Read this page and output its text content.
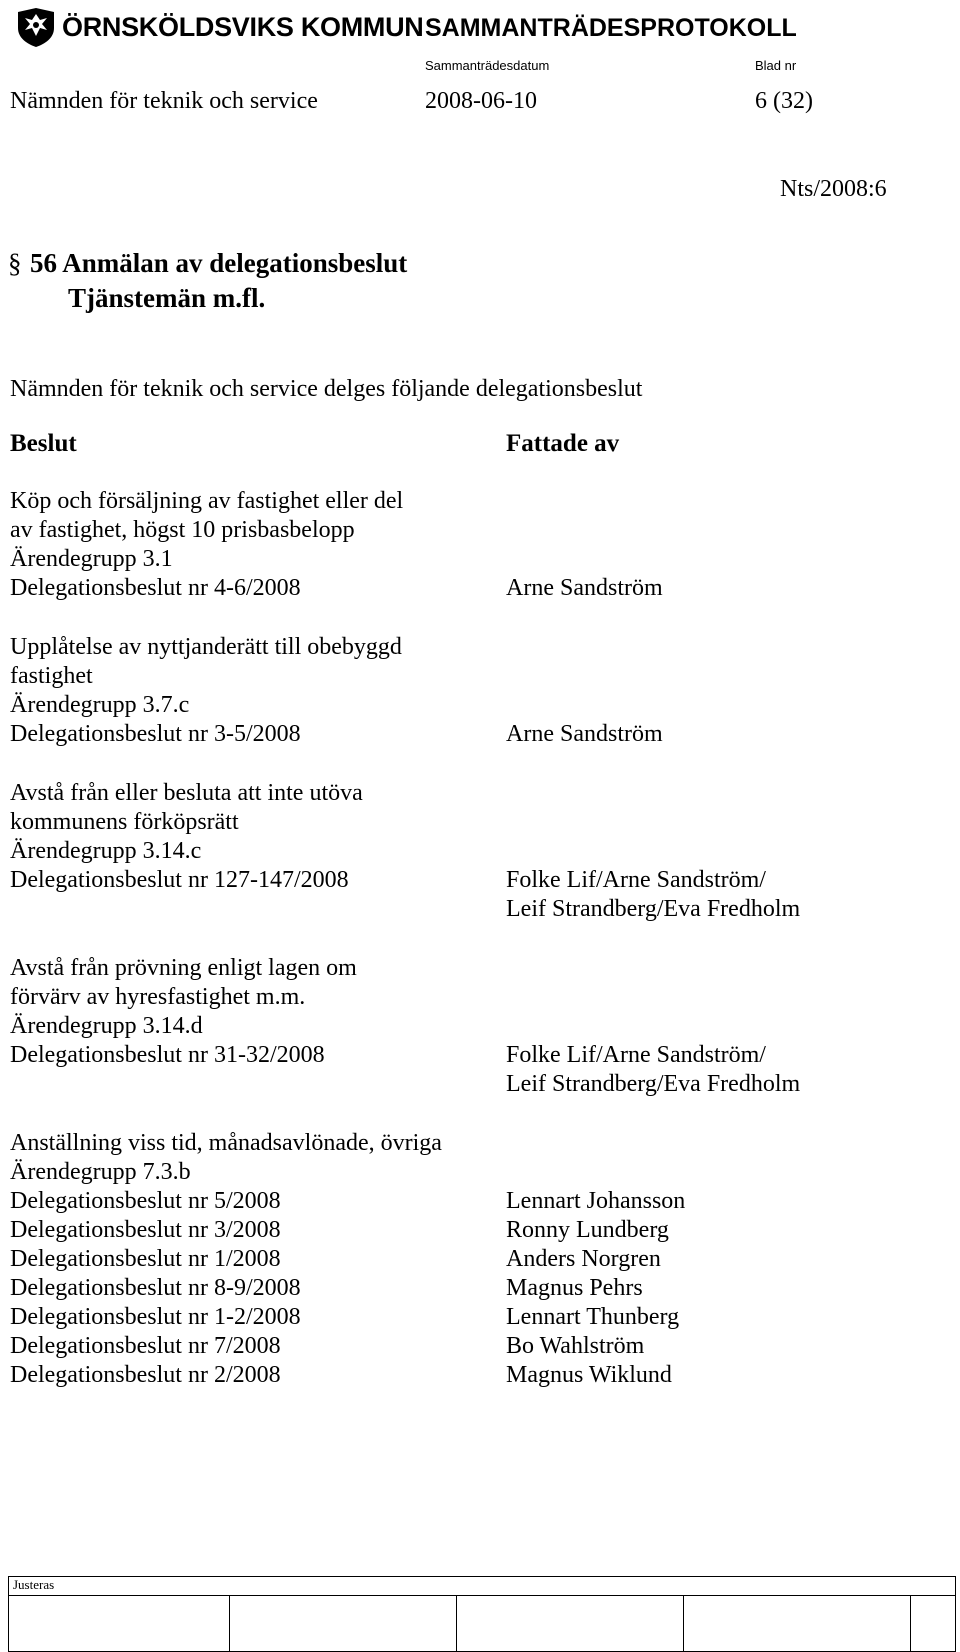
ÖRNSKÖLDSVIKS KOMMUN SAMMANTRÄDESPROTOKOLL
Sammanträdesdatum	Blad nr
Nämnden för teknik och service	2008-06-10	6 (32)
Nts/2008:6
§ 56 Anmälan av delegationsbeslut
Tjänstemän m.fl.
Nämnden för teknik och service delges följande delegationsbeslut
Beslut	Fattade av
Köp och försäljning av fastighet eller del
av fastighet, högst 10 prisbasbelopp
Ärendegrupp 3.1
Delegationsbeslut nr 4-6/2008	Arne Sandström
Upplåtelse av nyttjanderätt till obebyggd
fastighet
Ärendegrupp 3.7.c
Delegationsbeslut nr 3-5/2008	Arne Sandström
Avstå från eller besluta att inte utöva
kommunens förköpsrätt
Ärendegrupp 3.14.c
Delegationsbeslut nr 127-147/2008	Folke Lif/Arne Sandström/
Leif Strandberg/Eva Fredholm
Avstå från prövning enligt lagen om
förvärv av hyresfastighet m.m.
Ärendegrupp 3.14.d
Delegationsbeslut nr 31-32/2008	Folke Lif/Arne Sandström/
Leif Strandberg/Eva Fredholm
Anställning viss tid, månadsavlönade, övriga
Ärendegrupp 7.3.b
Delegationsbeslut nr 5/2008	Lennart Johansson
Delegationsbeslut nr 3/2008	Ronny Lundberg
Delegationsbeslut nr 1/2008	Anders Norgren
Delegationsbeslut nr 8-9/2008	Magnus Pehrs
Delegationsbeslut nr 1-2/2008	Lennart Thunberg
Delegationsbeslut nr 7/2008	Bo Wahlström
Delegationsbeslut nr 2/2008	Magnus Wiklund
Justeras
